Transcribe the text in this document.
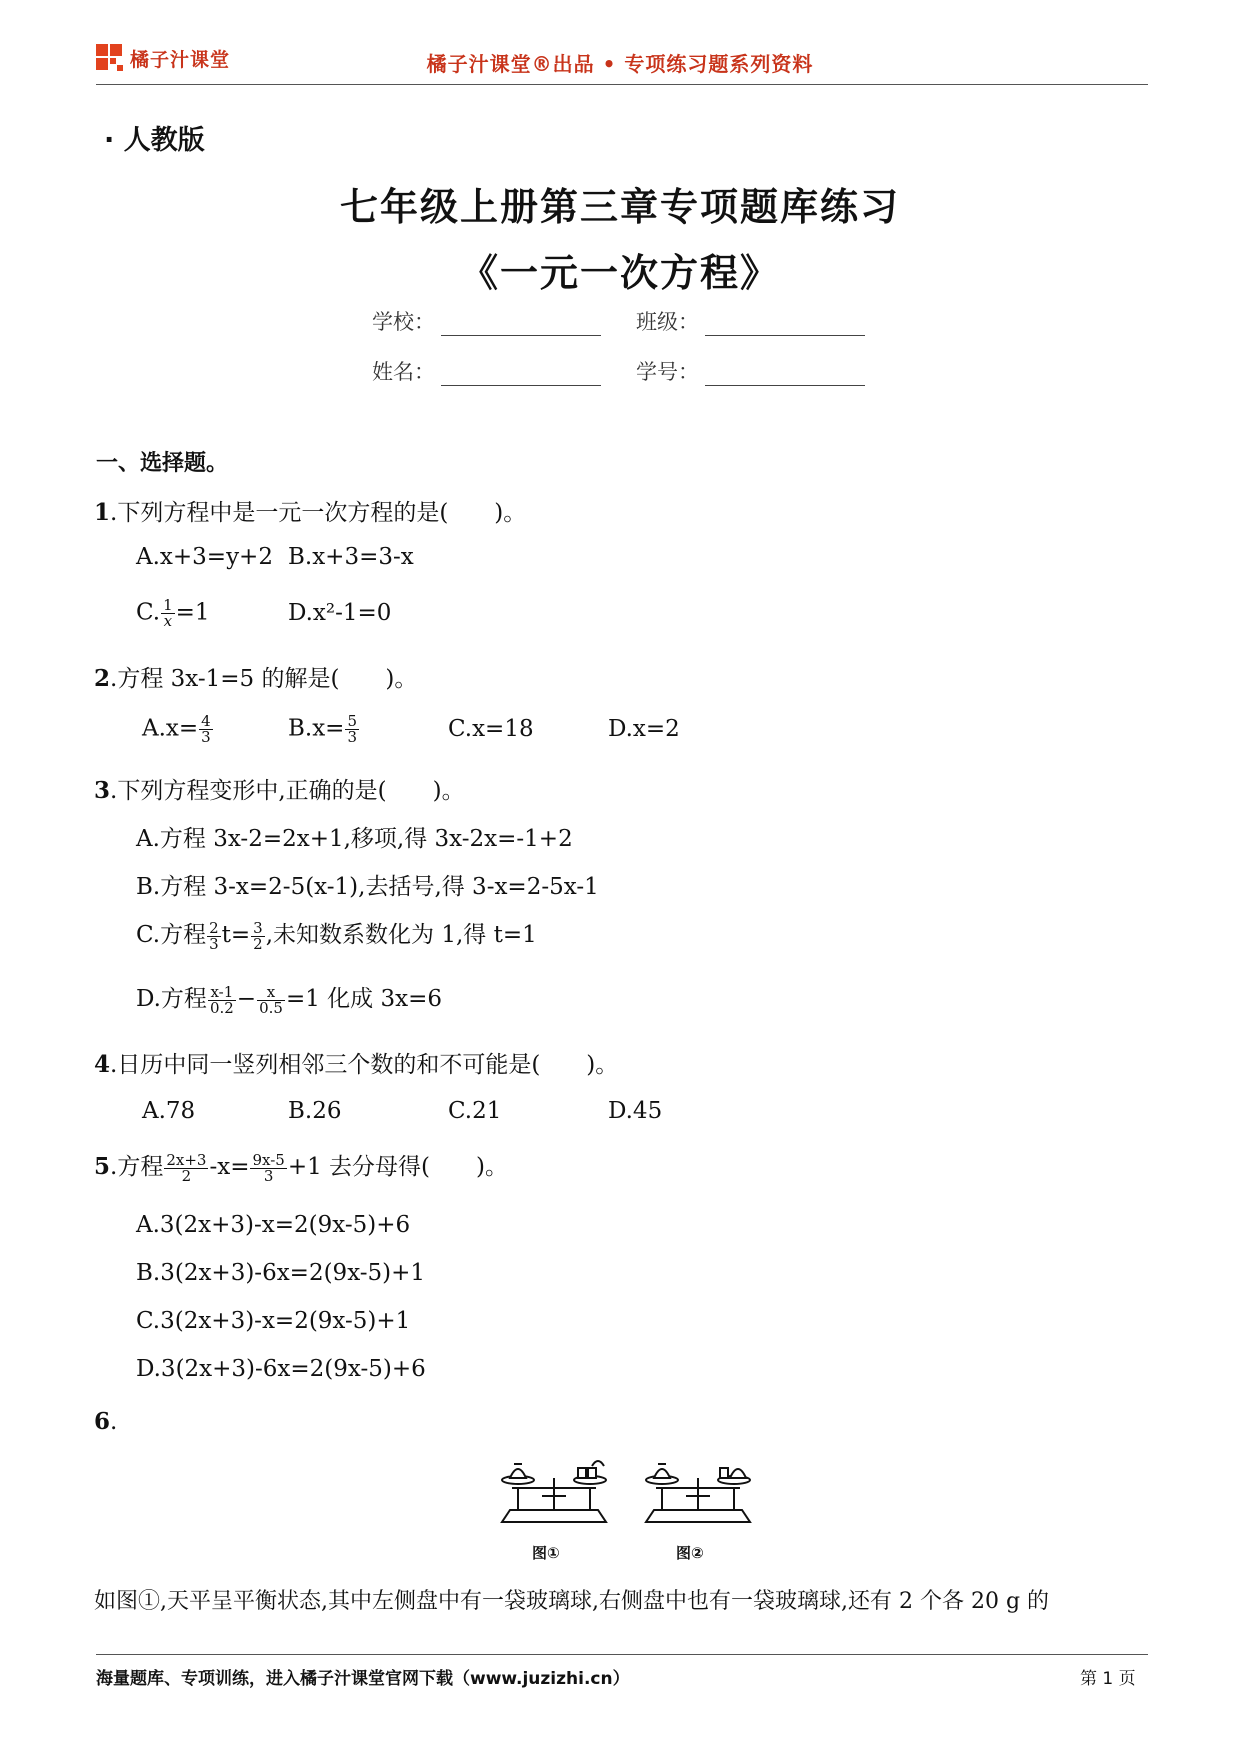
橘子汁课堂	橘子汁课堂®出品 • 专项练习题系列资料
· 人教版
七年级上册第三章专项题库练习
《一元一次方程》
学校：	班级：
姓名：	学号：
一、选择题。
1.下列方程中是一元一次方程的是(　　)。
A.x+3=y+2 B.x+3=3-x
C. $\frac{1}{x} =1$	D.x²-1=0
2.方程 3x-1=5 的解是(　　)。
$A.x= \frac{4}{3}$	$B.x= \frac{5}{3}$	C.x=18	D.x=2
3.下列方程变形中,正确的是(　　)。
A.方程 3x-2=2x+1,移项,得 3x-2x=-1+2
B.方程 3-x=2-5(x-1),去括号,得 3-x=2-5x-1
C.方程 $\frac{2}{3} t= \frac{3}{2}$ ,未知数系数化为 1,得 t=1
D.方程 $\frac{x-1}{0.2} - \frac{x}{0.5} =1$ 化成 3x=6
4.日历中同一竖列相邻三个数的和不可能是(　　)。
A.78	B.26	C.21	D.45
5.方程 $\frac{2x+3}{2} -x= \frac{9x-5}{3} +1$ 去分母得(　　)。
A.3(2x+3)-x=2(9x-5)+6
B.3(2x+3)-6x=2(9x-5)+1
C.3(2x+3)-x=2(9x-5)+1
D.3(2x+3)-6x=2(9x-5)+6
6.
图①	图②
如图①,天平呈平衡状态,其中左侧盘中有一袋玻璃球,右侧盘中也有一袋玻璃球,还有 2 个各 20 g 的
海量题库、专项训练，进入橘子汁课堂官网下载（www.juzizhi.cn）	第 1 页
